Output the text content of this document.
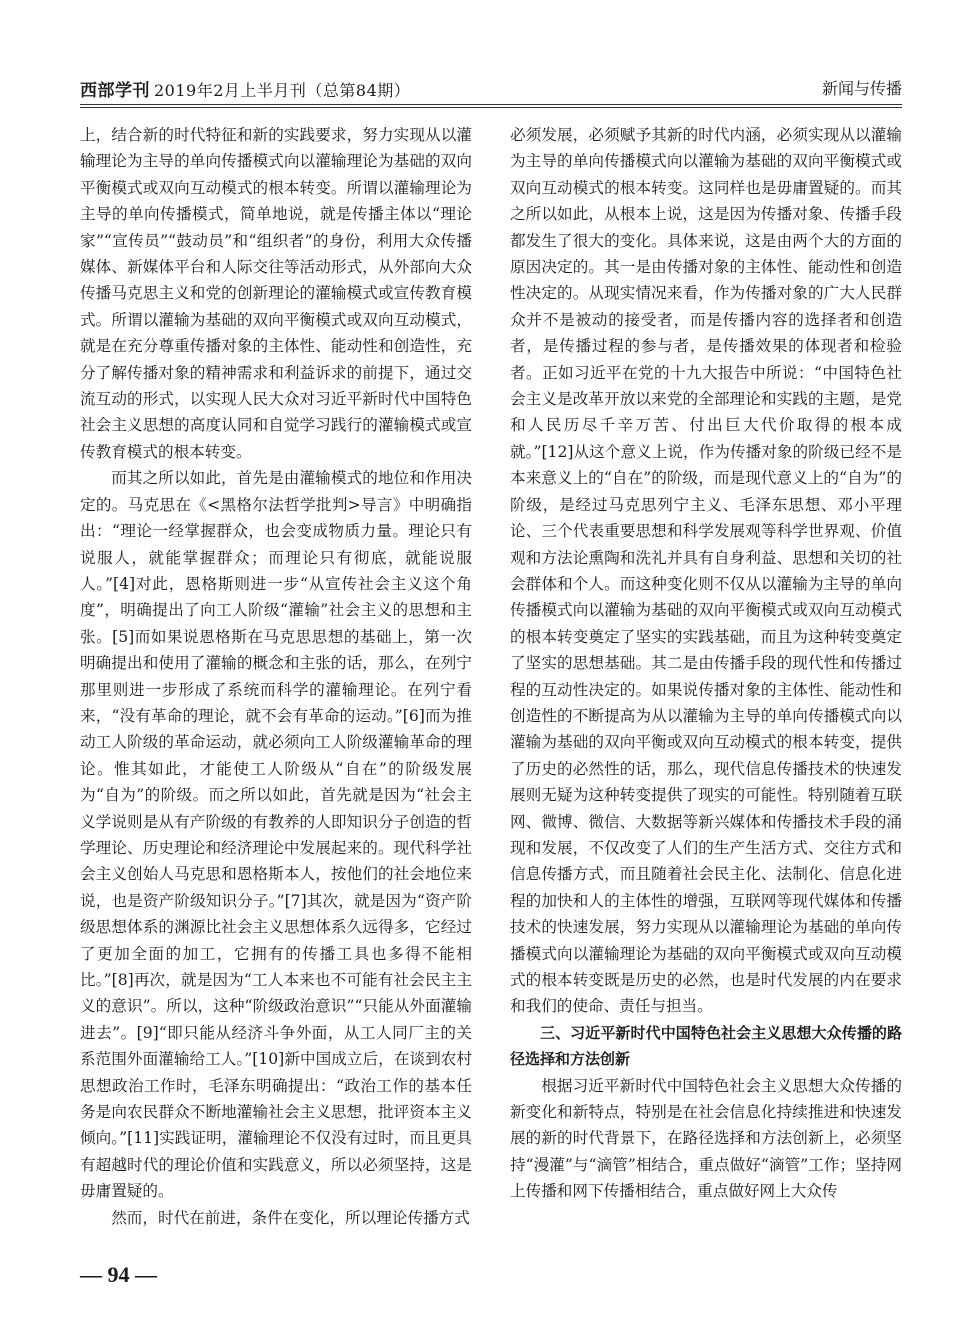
西部学刊 2019年2月上半月刊（总第84期）	新闻与传播

上，结合新的时代特征和新的实践要求，努力实现从以灌输理论为主导的单向传播模式向以灌输理论为基础的双向平衡模式或双向互动模式的根本转变。所谓以灌输理论为主导的单向传播模式，简单地说，就是传播主体以“理论家”“宣传员”“鼓动员”和“组织者”的身份，利用大众传播媒体、新媒体平台和人际交往等活动形式，从外部向大众传播马克思主义和党的创新理论的灌输模式或宣传教育模式。所谓以灌输为基础的双向平衡模式或双向互动模式，就是在充分尊重传播对象的主体性、能动性和创造性，充分了解传播对象的精神需求和利益诉求的前提下，通过交流互动的形式，以实现人民大众对习近平新时代中国特色社会主义思想的高度认同和自觉学习践行的灌输模式或宣传教育模式的根本转变。

而其之所以如此，首先是由灌输模式的地位和作用决定的。马克思在《<黑格尔法哲学批判>导言》中明确指出：“理论一经掌握群众，也会变成物质力量。理论只有说服人，就能掌握群众；而理论只有彻底，就能说服人。”[4]对此，恩格斯则进一步“从宣传社会主义这个角度”，明确提出了向工人阶级“灌输”社会主义的思想和主张。[5]而如果说恩格斯在马克思思想的基础上，第一次明确提出和使用了灌输的概念和主张的话，那么，在列宁那里则进一步形成了系统而科学的灌输理论。在列宁看来，“没有革命的理论，就不会有革命的运动。”[6]而为推动工人阶级的革命运动，就必须向工人阶级灌输革命的理论。惟其如此，才能使工人阶级从“自在”的阶级发展为“自为”的阶级。而之所以如此，首先就是因为“社会主义学说则是从有产阶级的有教养的人即知识分子创造的哲学理论、历史理论和经济理论中发展起来的。现代科学社会主义创始人马克思和恩格斯本人，按他们的社会地位来说，也是资产阶级知识分子。”[7]其次，就是因为“资产阶级思想体系的渊源比社会主义思想体系久远得多，它经过了更加全面的加工，它拥有的传播工具也多得不能相比。”[8]再次，就是因为“工人本来也不可能有社会民主主义的意识”。所以，这种“阶级政治意识”“只能从外面灌输进去”。[9]“即只能从经济斗争外面，从工人同厂主的关系范围外面灌输给工人。”[10]新中国成立后，在谈到农村思想政治工作时，毛泽东明确提出：“政治工作的基本任务是向农民群众不断地灌输社会主义思想，批评资本主义倾向。”[11]实践证明，灌输理论不仅没有过时，而且更具有超越时代的理论价值和实践意义，所以必须坚持，这是毋庸置疑的。

然而，时代在前进，条件在变化，所以理论传播方式

必须发展，必须赋予其新的时代内涵，必须实现从以灌输为主导的单向传播模式向以灌输为基础的双向平衡模式或双向互动模式的根本转变。这同样也是毋庸置疑的。而其之所以如此，从根本上说，这是因为传播对象、传播手段都发生了很大的变化。具体来说，这是由两个大的方面的原因决定的。其一是由传播对象的主体性、能动性和创造性决定的。从现实情况来看，作为传播对象的广大人民群众并不是被动的接受者，而是传播内容的选择者和创造者，是传播过程的参与者，是传播效果的体现者和检验者。正如习近平在党的十九大报告中所说：“中国特色社会主义是改革开放以来党的全部理论和实践的主题，是党和人民历尽千辛万苦、付出巨大代价取得的根本成就。”[12]从这个意义上说，作为传播对象的阶级已经不是本来意义上的“自在”的阶级，而是现代意义上的“自为”的阶级，是经过马克思列宁主义、毛泽东思想、邓小平理论、三个代表重要思想和科学发展观等科学世界观、价值观和方法论熏陶和洗礼并具有自身利益、思想和关切的社会群体和个人。而这种变化则不仅从以灌输为主导的单向传播模式向以灌输为基础的双向平衡模式或双向互动模式的根本转变奠定了坚实的实践基础，而且为这种转变奠定了坚实的思想基础。其二是由传播手段的现代性和传播过程的互动性决定的。如果说传播对象的主体性、能动性和创造性的不断提高为从以灌输为主导的单向传播模式向以灌输为基础的双向平衡或双向互动模式的根本转变，提供了历史的必然性的话，那么，现代信息传播技术的快速发展则无疑为这种转变提供了现实的可能性。特别随着互联网、微博、微信、大数据等新兴媒体和传播技术手段的涌现和发展，不仅改变了人们的生产生活方式、交往方式和信息传播方式，而且随着社会民主化、法制化、信息化进程的加快和人的主体性的增强，互联网等现代媒体和传播技术的快速发展，努力实现从以灌输理论为基础的单向传播模式向以灌输理论为基础的双向平衡模式或双向互动模式的根本转变既是历史的必然，也是时代发展的内在要求和我们的使命、责任与担当。

三、习近平新时代中国特色社会主义思想大众传播的路径选择和方法创新

根据习近平新时代中国特色社会主义思想大众传播的新变化和新特点，特别是在社会信息化持续推进和快速发展的新的时代背景下，在路径选择和方法创新上，必须坚持“漫灌”与“滴管”相结合，重点做好“滴管”工作；坚持网上传播和网下传播相结合，重点做好网上大众传

— 94 —
